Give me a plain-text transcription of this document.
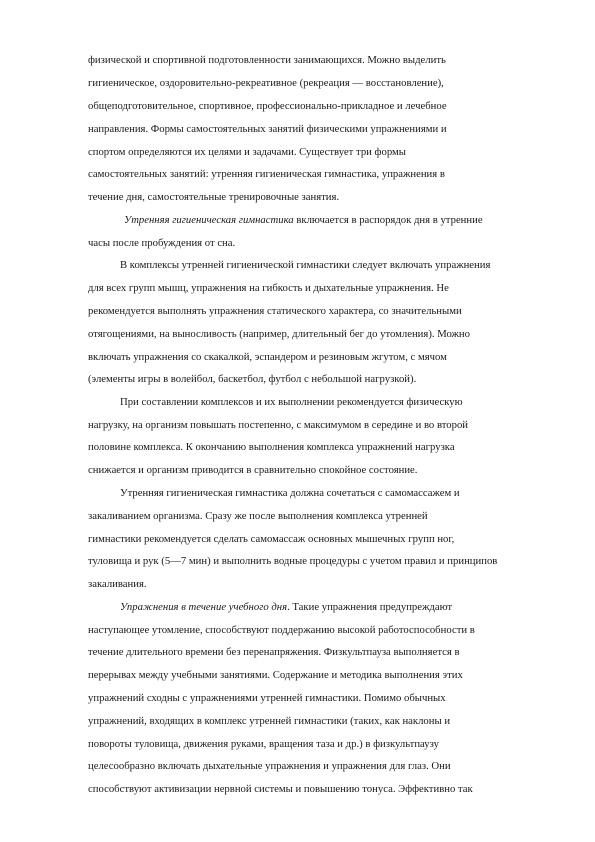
физической и спортивной подготовленности занимающихся. Можно выделить
гигиеническое, оздоровительно-рекреативное (рекреация — восстановление),
общеподготовительное, спортивное, профессионально-прикладное и лечебное
направления. Формы самостоятельных занятий физическими упражнениями и
спортом определяются их целями и задачами. Существует три формы
самостоятельных занятий: утренняя гигиеническая гимнастика, упражнения в
течение дня, самостоятельные тренировочные занятия.
Утренняя гигиеническая гимнастика включается в распорядок дня в утренние
часы после пробуждения от сна.
В комплексы утренней гигиенической гимнастики следует включать упражнения
для всех групп мышц, упражнения на гибкость и дыхательные упражнения. Не
рекомендуется выполнять упражнения статического характера, со значительными
отягощениями, на выносливость (например, длительный бег до утомления). Можно
включать упражнения со скакалкой, эспандером и резиновым жгутом, с мячом
(элементы игры в волейбол, баскетбол, футбол с небольшой нагрузкой).
При составлении комплексов и их выполнении рекомендуется физическую
нагрузку, на организм повышать постепенно, с максимумом в середине и во второй
половине комплекса. К окончанию выполнения комплекса упражнений нагрузка
снижается и организм приводится в сравнительно спокойное состояние.
Утренняя гигиеническая гимнастика должна сочетаться с самомассажем и
закаливанием организма. Сразу же после выполнения комплекса утренней
гимнастики рекомендуется сделать самомассаж основных мышечных групп ног,
туловища и рук (5—7 мин) и выполнить водные процедуры с учетом правил и принципов
закаливания.
Упражнения в течение учебного дня. Такие упражнения предупреждают
наступающее утомление, способствуют поддержанию высокой работоспособности в
течение длительного времени без перенапряжения. Физкультпауза выполняется в
перерывах между учебными занятиями. Содержание и методика выполнения этих
упражнений сходны с упражнениями утренней гимнастики. Помимо обычных
упражнений, входящих в комплекс утренней гимнастики (таких, как наклоны и
повороты туловища, движения руками, вращения таза и др.) в физкультпаузу
целесообразно включать дыхательные упражнения и упражнения для глаз. Они
способствуют активизации нервной системы и повышению тонуса. Эффективно так
